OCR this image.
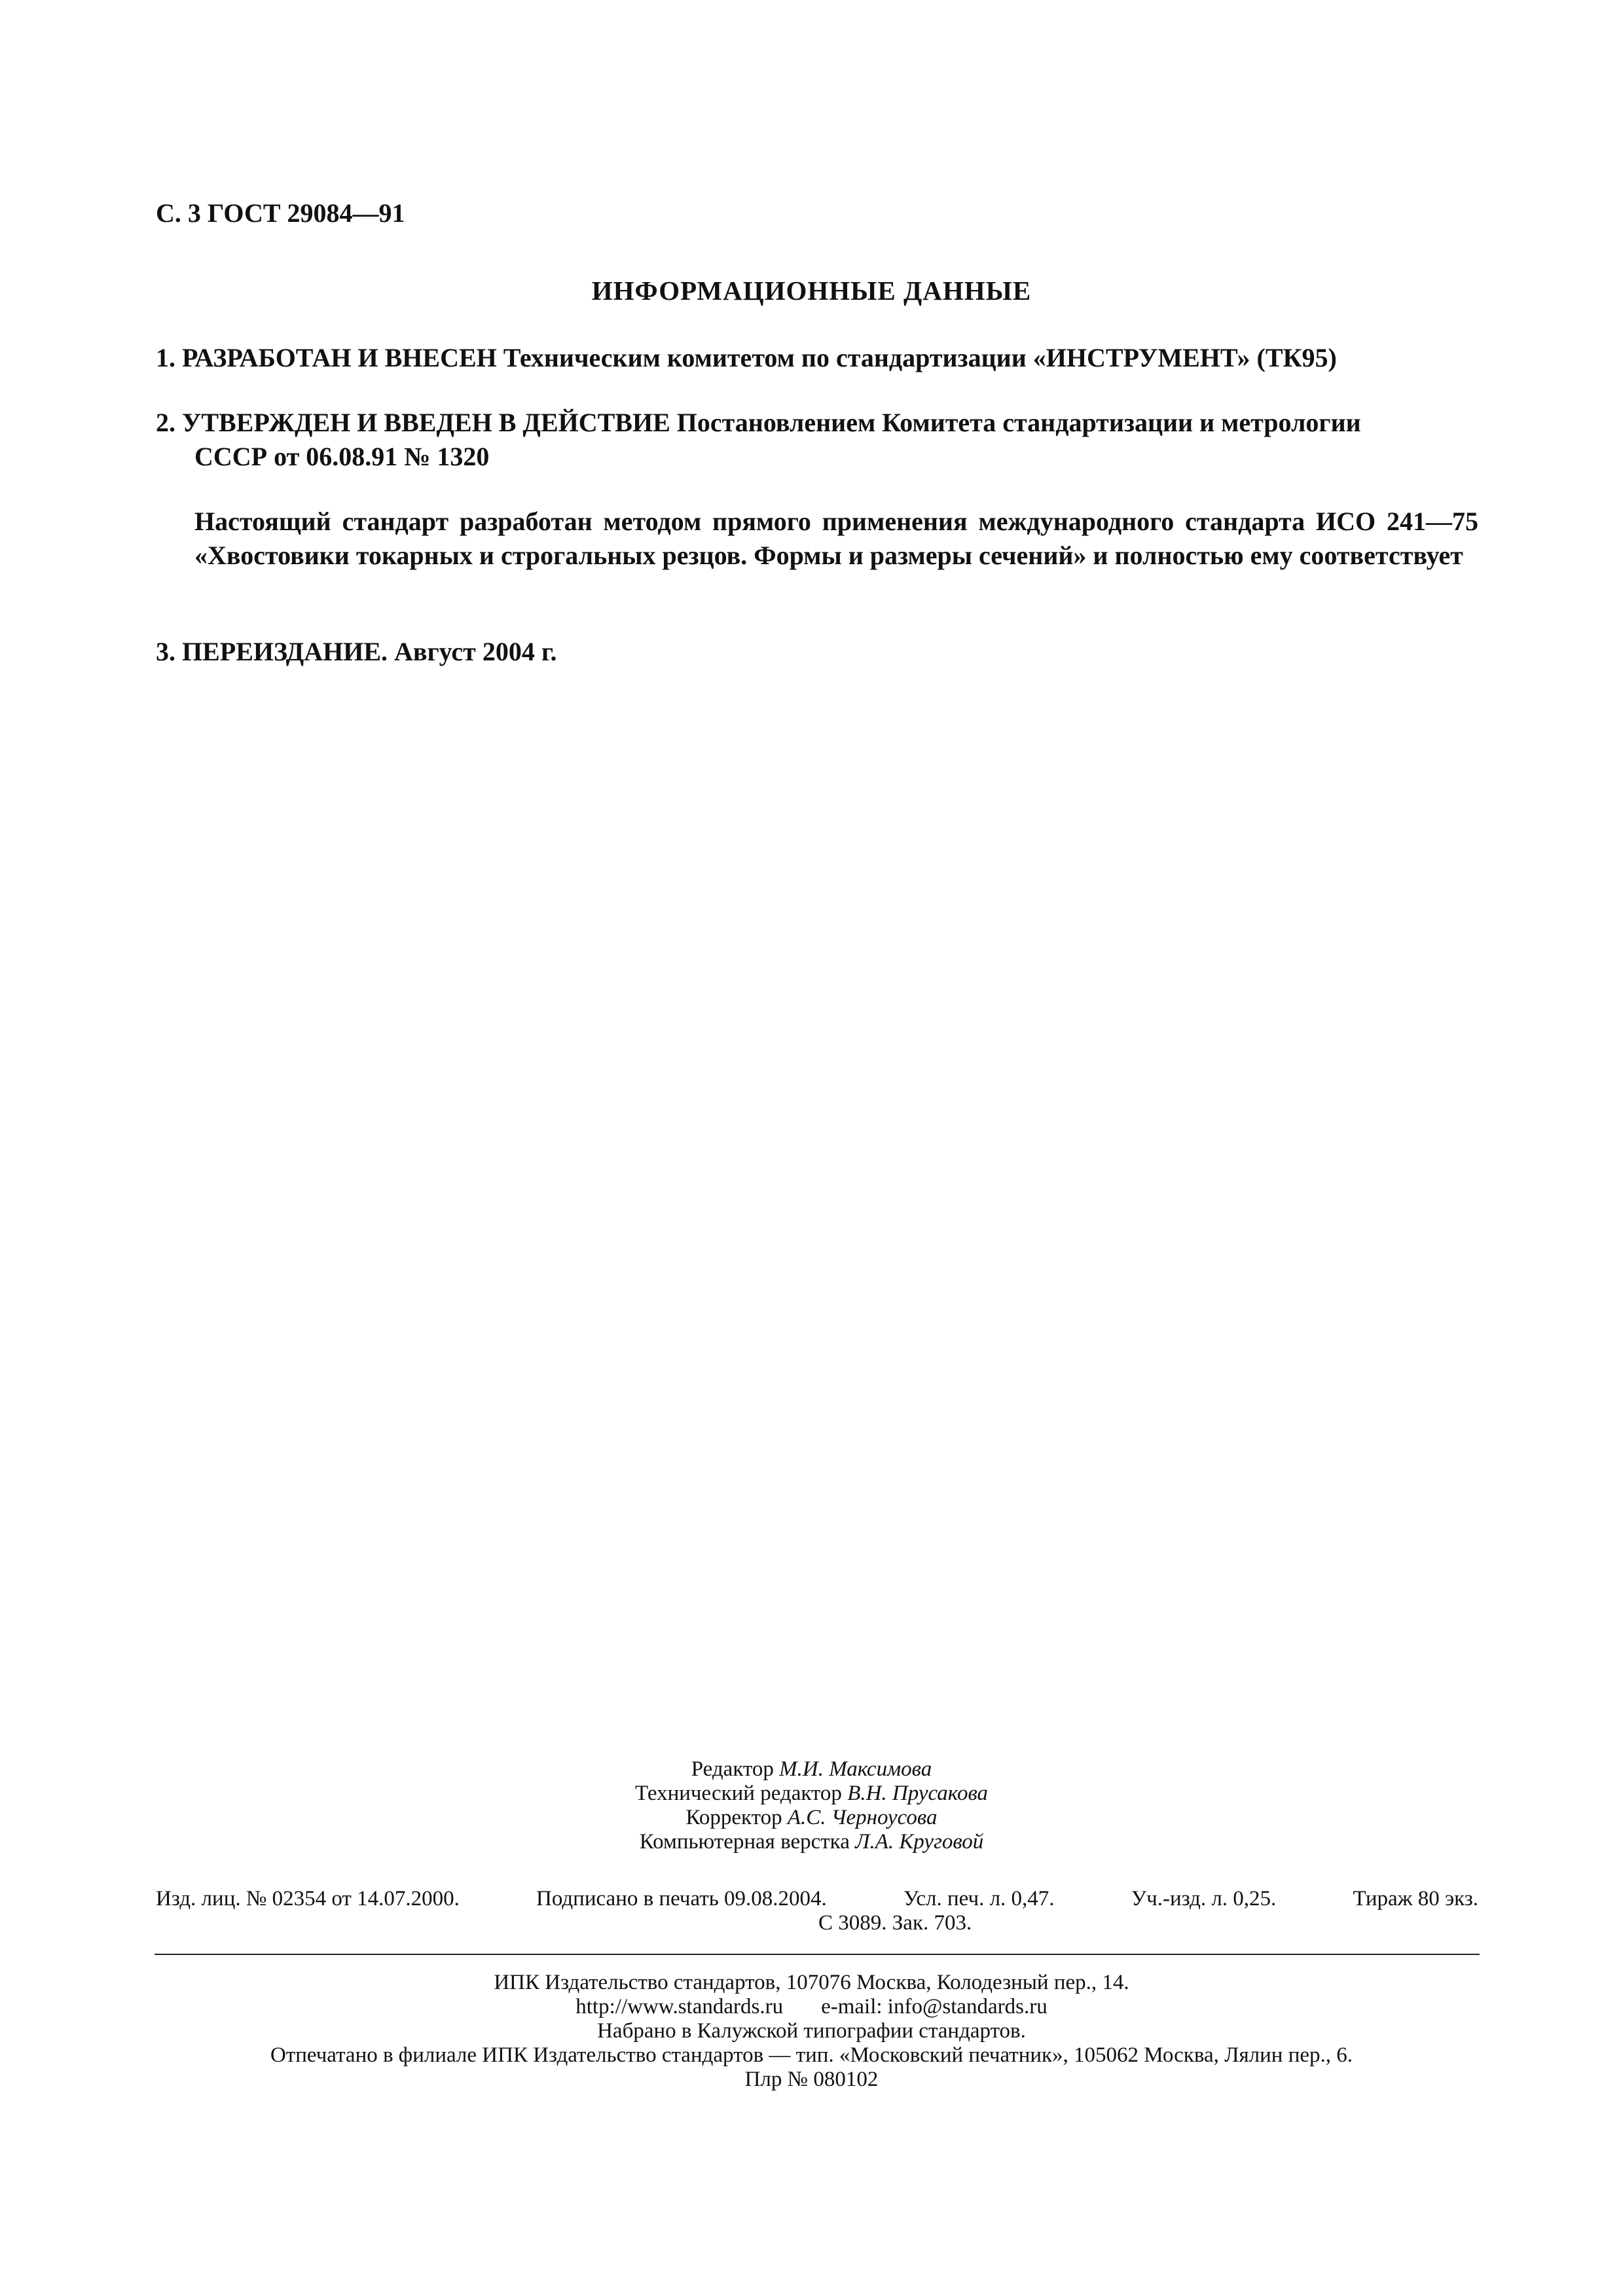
С. 3 ГОСТ 29084—91
ИНФОРМАЦИОННЫЕ ДАННЫЕ
1. РАЗРАБОТАН И ВНЕСЕН Техническим комитетом по стандартизации «ИНСТРУМЕНТ» (ТК95)
2. УТВЕРЖДЕН И ВВЕДЕН В ДЕЙСТВИЕ Постановлением Комитета стандартизации и метрологии
СССР от 06.08.91 № 1320
Настоящий стандарт разработан методом прямого применения международного стандарта ИСО 241—75 «Хвостовики токарных и строгальных резцов. Формы и размеры сечений» и полностью ему соответствует
3. ПЕРЕИЗДАНИЕ. Август 2004 г.
Редактор М.И. Максимова
Технический редактор В.Н. Прусакова
Корректор А.С. Черноусова
Компьютерная верстка Л.А. Круговой
Изд. лиц. № 02354 от 14.07.2000.	Подписано в печать 09.08.2004.	Усл. печ. л. 0,47.	Уч.-изд. л. 0,25.	Тираж 80 экз.
С 3089. Зак. 703.
ИПК Издательство стандартов, 107076 Москва, Колодезный пер., 14.
http://www.standards.ru e-mail: info@standards.ru
Набрано в Калужской типографии стандартов.
Отпечатано в филиале ИПК Издательство стандартов — тип. «Московский печатник», 105062 Москва, Лялин пер., 6.
Плр № 080102
